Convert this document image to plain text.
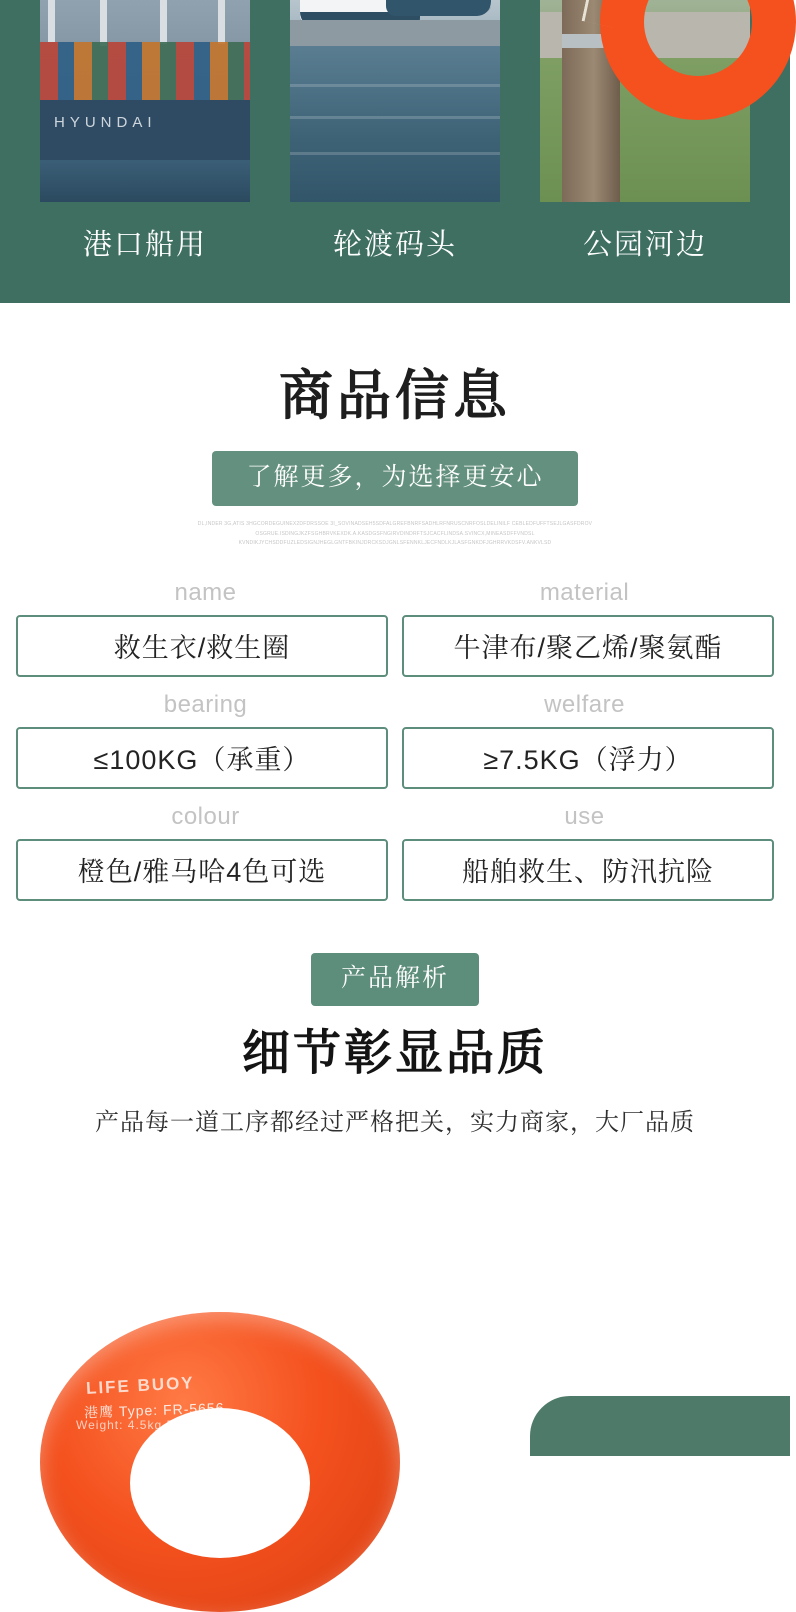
HYUNDAI
港口船用	轮渡码头	公园河边
商品信息
了解更多，为选择更安心
DL,INDER 3G,ATIS 3HGCORDEGUINEX2DFDRSSOE 3I_SOVINADSEH5SDFALGREFBNRFSADHLRFNRUSCNRFOSLDELINILF CEBLEDFUFFTSEJLGASFDROV
OSGRUE.ISDINGJKZFSGHBRVKEXDK.A.KASDGSFNGIRVDINDRFTSJCACFLINDSA.SVINCX,MINEASDFFVNDSL
KVNDIKJYCHSDDFUZLEDSIGNJHEGLGNTFBKINJDRCKSDJGNLSFENNKLJECFNDLKJLASFGNKDFJGHRRVKDSFV.ANKVLSD
name	material
救生衣/救生圈	牛津布/聚乙烯/聚氨酯
bearing	welfare
≤100KG（承重）	≥7.5KG（浮力）
colour	use
橙色/雅马哈4色可选	船舶救生、防汛抗险
产品解析
细节彰显品质
产品每一道工序都经过严格把关，实力商家，大厂品质
LIFE BUOY
港鹰 Type: FR-5656
Weight: 4.5kg Buoyancy: 7.5kg
